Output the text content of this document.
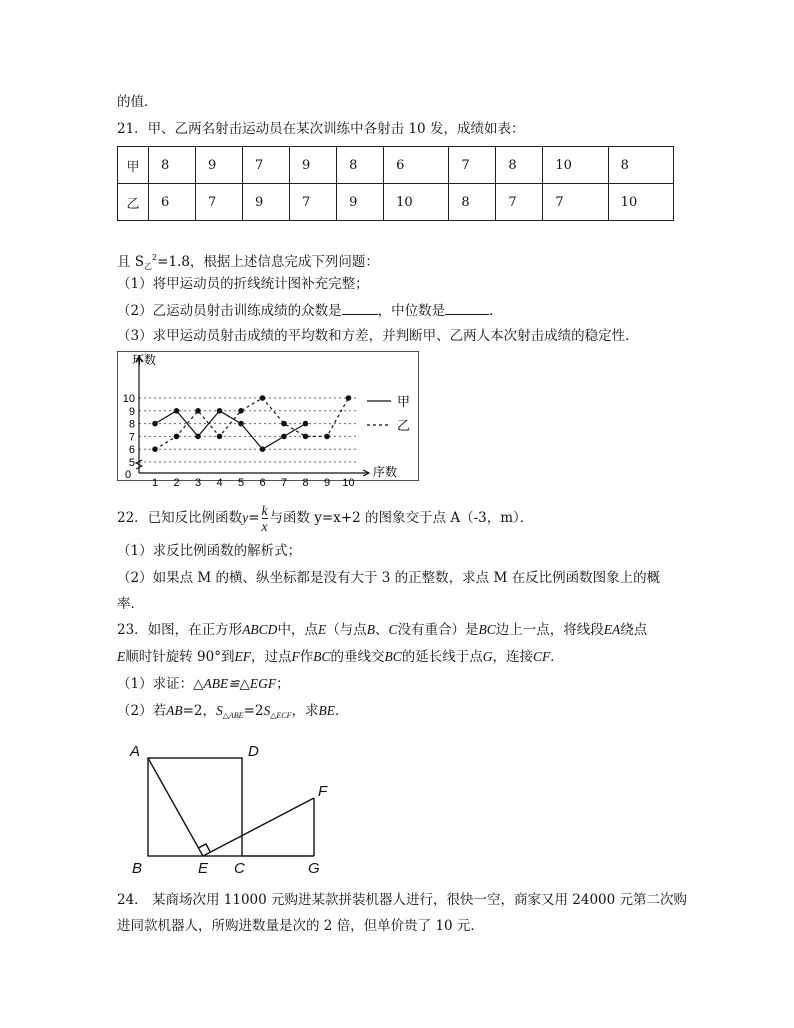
的值．
21．甲、乙两名射击运动员在某次训练中各射击 10 发，成绩如表：
甲	8	9	7	9	8	6	7	8	10	8
乙	6	7	9	7	9	10	8	7	7	10
且 $S_乙^2=1.8$，根据上述信息完成下列问题：
（1）将甲运动员的折线统计图补充完整；
（2）乙运动员射击训练成绩的众数是	，中位数是	．
（3）求甲运动员射击成绩的平均数和方差，并判断甲、乙两人本次射击成绩的稳定性．
环数
序数
0
10
9
8
7
6
5
1 2 3 4 5 6 7 8 9 10
甲
乙
22．已知反比例函数$y= \frac{k}{x}$ 与函数 y=x+2 的图象交于点 A（-3，m）．
（1）求反比例函数的解析式；
（2）如果点 M 的横、纵坐标都是没有大于 3 的正整数，求点 M 在反比例函数图象上的概
率．
23．如图，在正方形ABCD中，点E（与点B、C没有重合）是BC边上一点，将线段EA绕点
E顺时针旋转 90°到EF，过点F作BC的垂线交BC的延长线于点G，连接CF．
（1）求证：△ABE≌△EGF；
（2）若AB=2，$S_{\triangle ABE}=2S_{\triangle ECF}$，求BE．
A	D
F
B	E C	G
24． 某商场次用 11000 元购进某款拼装机器人进行，很快一空，商家又用 24000 元第二次购
进同款机器人，所购进数量是次的 2 倍，但单价贵了 10 元．
